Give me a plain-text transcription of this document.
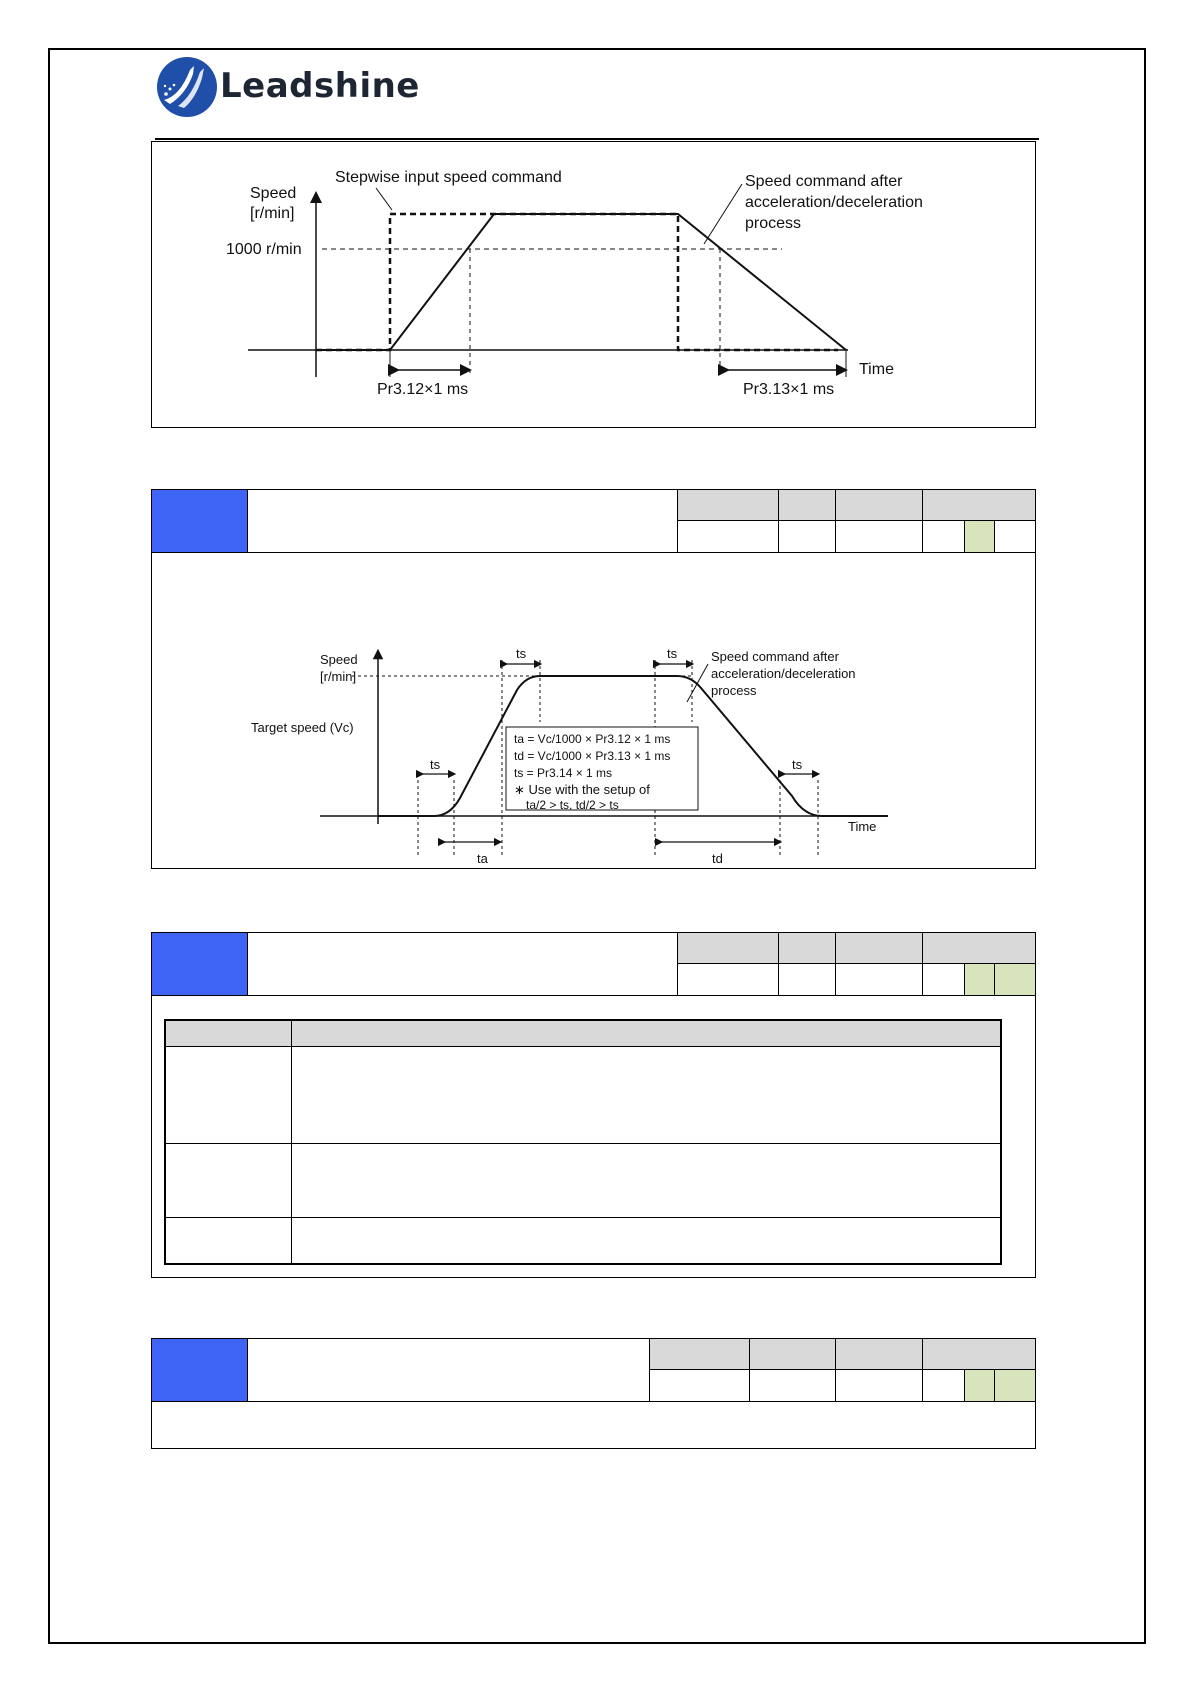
Leadshine
Speed
[r/min]
1000 r/min
Stepwise input speed command	Speed command after
acceleration/deceleration
process
Pr3.12×1 ms	Pr3.13×1 ms
Time
Speed
[r/min]
Target speed (Vc)
ts
ts	ts
ts
Speed command after
acceleration/deceleration
process
ta = Vc/1000 × Pr3.12 × 1 ms
td = Vc/1000 × Pr3.13 × 1 ms
ts = Pr3.14 × 1 ms
∗ Use with the setup of
ta/2 > ts, td/2 > ts
ta	td
Time
